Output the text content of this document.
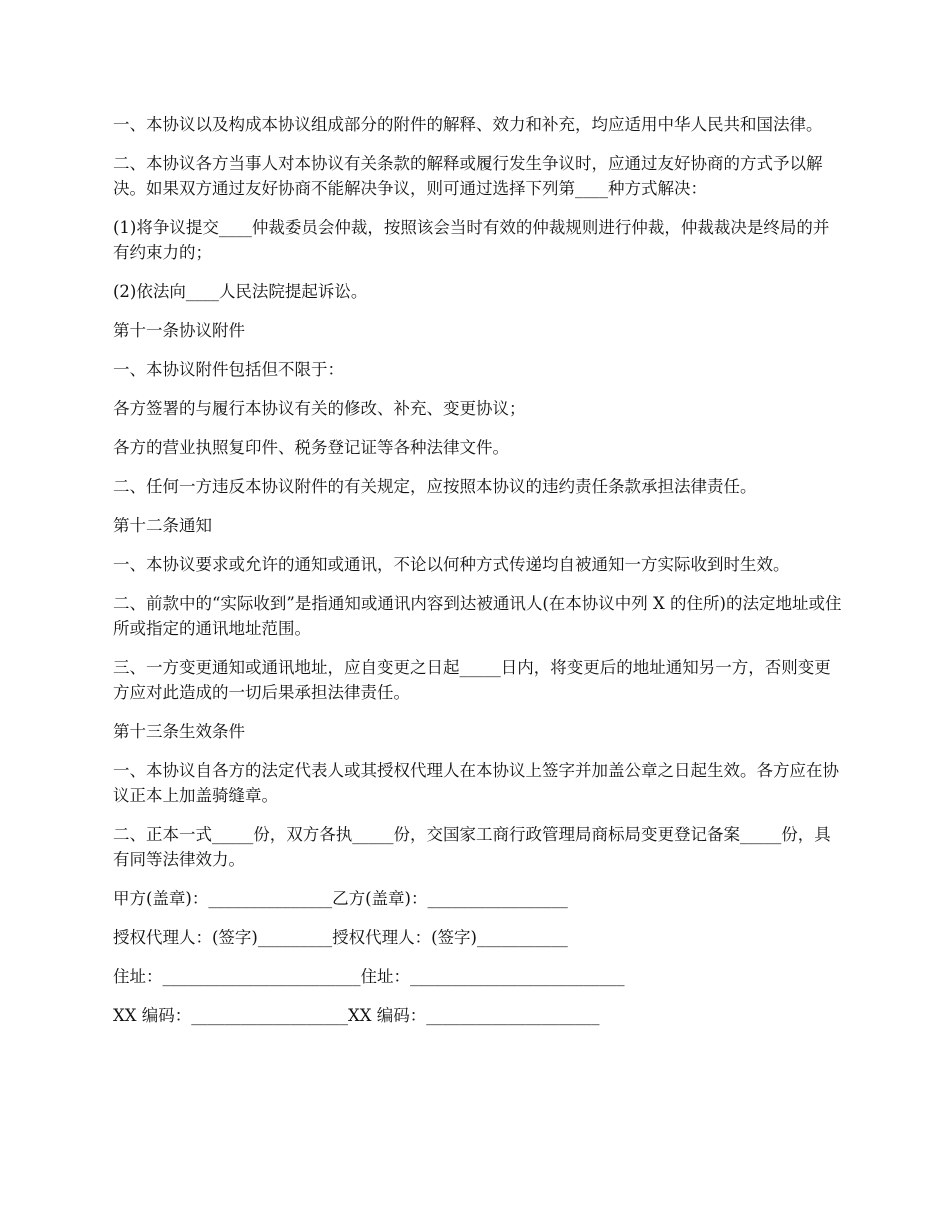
一、本协议以及构成本协议组成部分的附件的解释、效力和补充，均应适用中华人民共和国法律。

二、本协议各方当事人对本协议有关条款的解释或履行发生争议时，应通过友好协商的方式予以解决。如果双方通过友好协商不能解决争议，则可通过选择下列第____种方式解决：

(1)将争议提交____仲裁委员会仲裁，按照该会当时有效的仲裁规则进行仲裁，仲裁裁决是终局的并有约束力的；

(2)依法向____人民法院提起诉讼。

第十一条协议附件

一、本协议附件包括但不限于：

各方签署的与履行本协议有关的修改、补充、变更协议；

各方的营业执照复印件、税务登记证等各种法律文件。

二、任何一方违反本协议附件的有关规定，应按照本协议的违约责任条款承担法律责任。

第十二条通知

一、本协议要求或允许的通知或通讯，不论以何种方式传递均自被通知一方实际收到时生效。

二、前款中的“实际收到”是指通知或通讯内容到达被通讯人(在本协议中列 X 的住所)的法定地址或住所或指定的通讯地址范围。

三、一方变更通知或通讯地址，应自变更之日起_____日内，将变更后的地址通知另一方，否则变更方应对此造成的一切后果承担法律责任。

第十三条生效条件

一、本协议自各方的法定代表人或其授权代理人在本协议上签字并加盖公章之日起生效。各方应在协议正本上加盖骑缝章。

二、正本一式_____份，双方各执_____份，交国家工商行政管理局商标局变更登记备案_____份，具有同等法律效力。

甲方(盖章)：_______________乙方(盖章)：_________________

授权代理人：(签字)_________授权代理人：(签字)___________

住址：________________________住址：__________________________

XX 编码：___________________XX 编码：_____________________
